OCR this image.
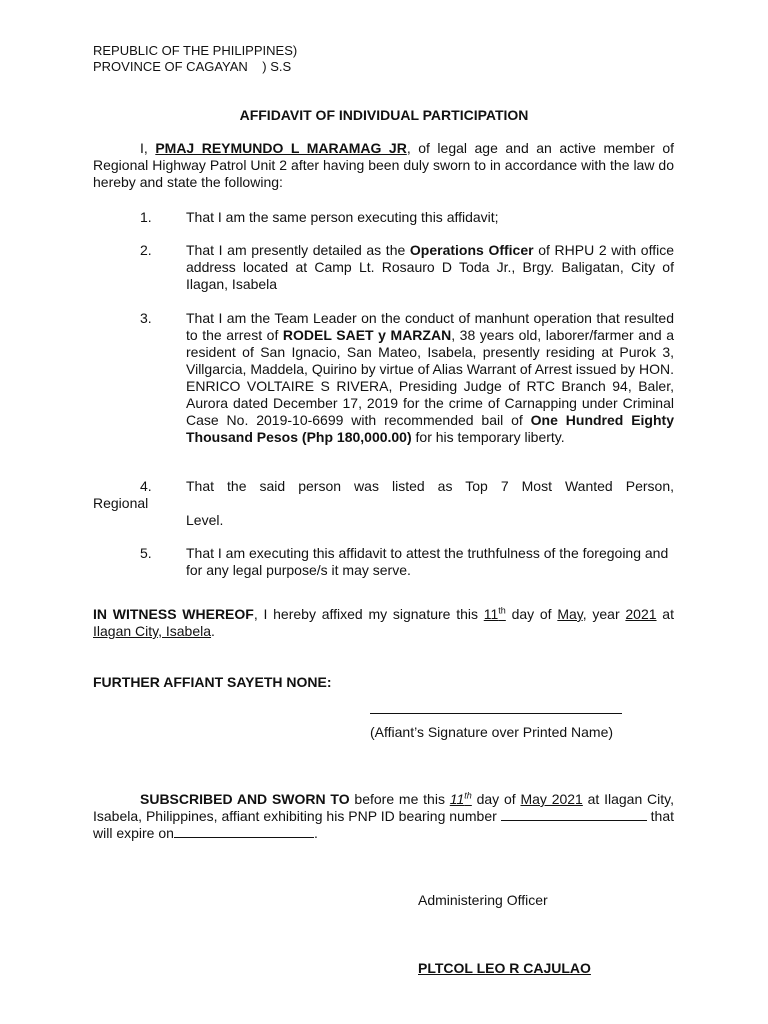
REPUBLIC OF THE PHILIPPINES)
PROVINCE OF CAGAYAN    ) S.S
AFFIDAVIT OF INDIVIDUAL PARTICIPATION
I, PMAJ REYMUNDO L MARAMAG JR, of legal age and an active member of Regional Highway Patrol Unit 2 after having been duly sworn to in accordance with the law do hereby and state the following:
1.	That I am the same person executing this affidavit;
2.	That I am presently detailed as the Operations Officer of RHPU 2 with office address located at Camp Lt. Rosauro D Toda Jr., Brgy. Baligatan, City of Ilagan, Isabela
3.	That I am the Team Leader on the conduct of manhunt operation that resulted to the arrest of RODEL SAET y MARZAN, 38 years old, laborer/farmer and a resident of San Ignacio, San Mateo, Isabela, presently residing at Purok 3, Villgarcia, Maddela, Quirino by virtue of Alias Warrant of Arrest issued by HON. ENRICO VOLTAIRE S RIVERA, Presiding Judge of RTC Branch 94, Baler, Aurora dated December 17, 2019 for the crime of Carnapping under Criminal Case No. 2019-10-6699 with recommended bail of One Hundred Eighty Thousand Pesos (Php 180,000.00) for his temporary liberty.
4.	That the said person was listed as Top 7 Most Wanted Person,
Regional
Level.
5.	That I am executing this affidavit to attest the truthfulness of the foregoing and for any legal purpose/s it may serve.
IN WITNESS WHEREOF, I hereby affixed my signature this 11th day of May, year 2021 at Ilagan City, Isabela.
FURTHER AFFIANT SAYETH NONE:
(Affiant’s Signature over Printed Name)
SUBSCRIBED AND SWORN TO before me this 11th day of May 2021 at Ilagan City, Isabela, Philippines, affiant exhibiting his PNP ID bearing number	that will expire on	.
Administering Officer
PLTCOL LEO R CAJULAO
